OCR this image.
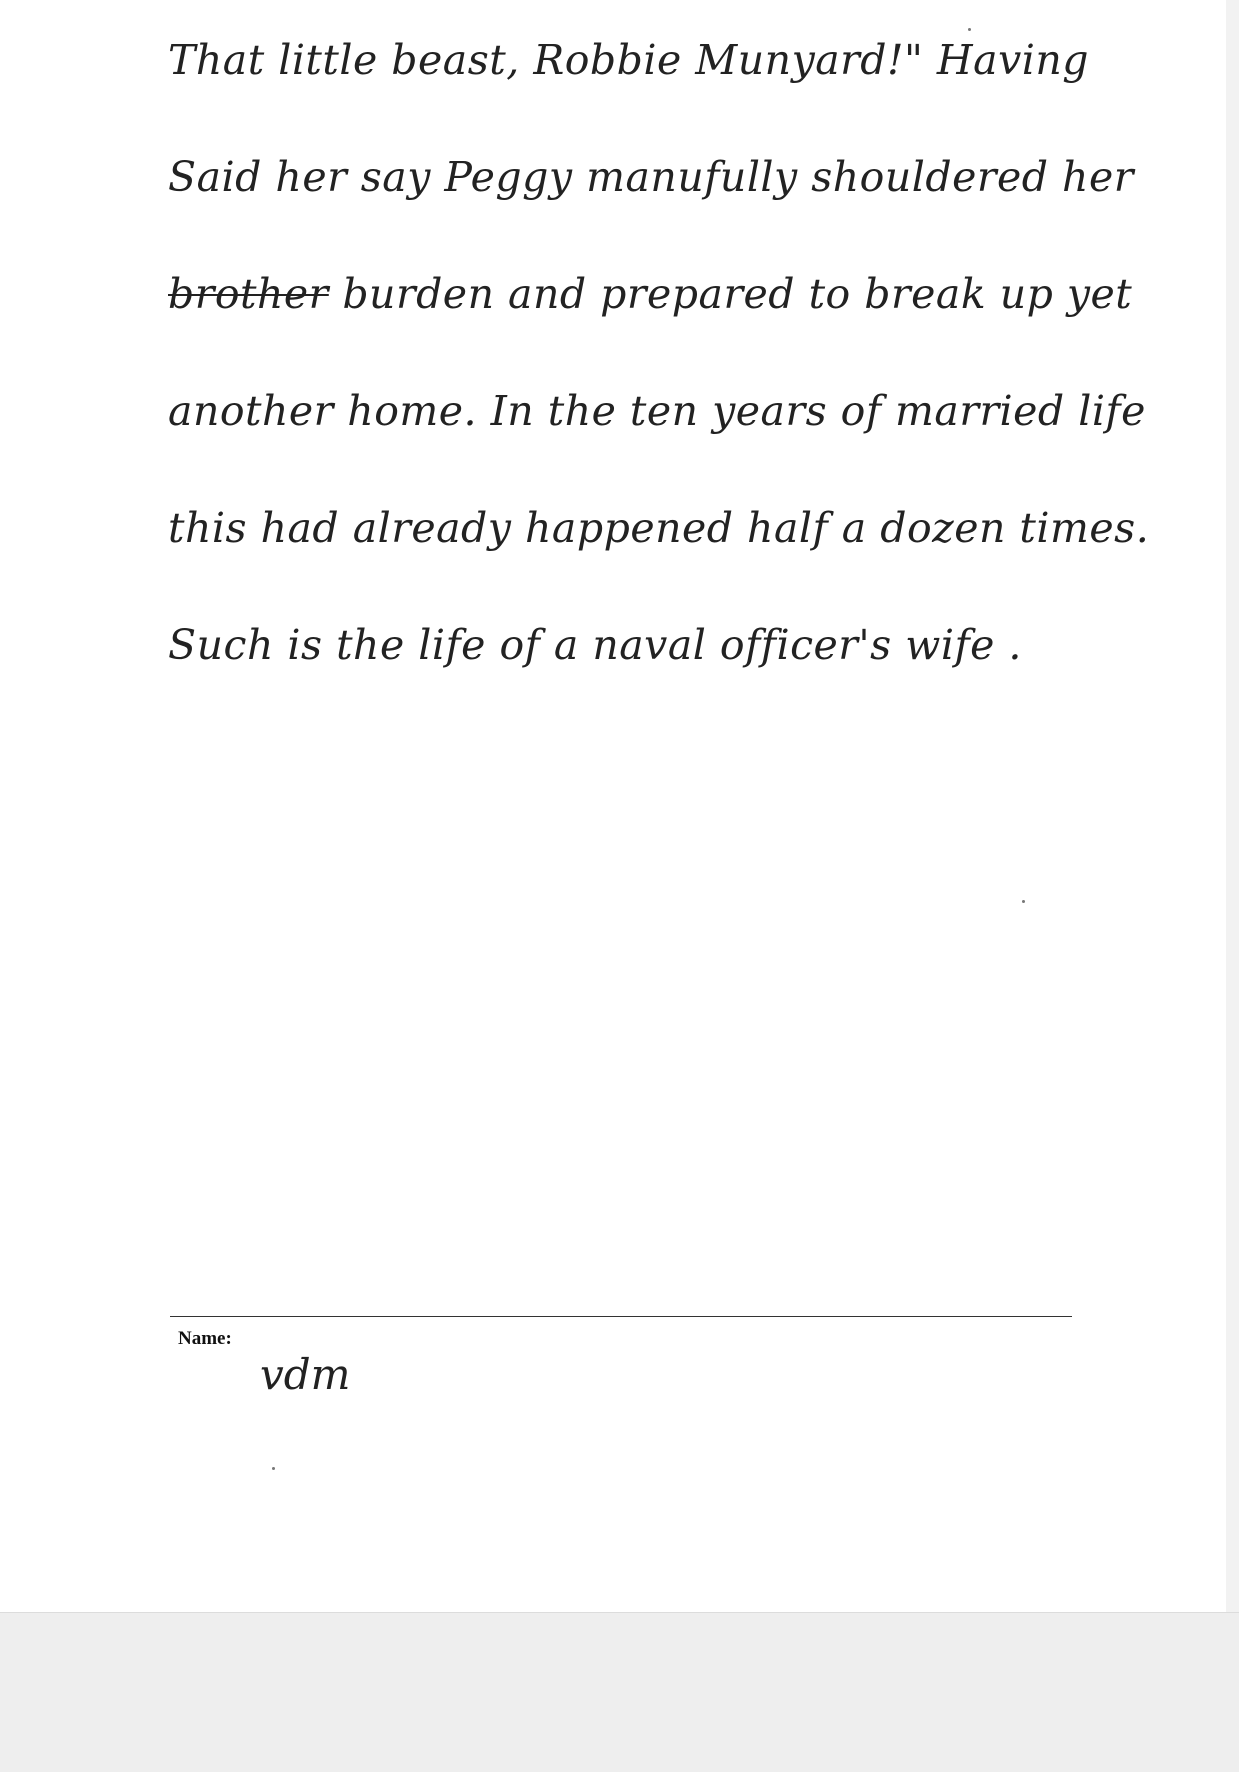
That little beast, Robbie Munyard!" Having
Said her say Peggy manufully shouldered her
brother burden and prepared to break up yet
another home. In the ten years of married life
this had already happened half a dozen times.
Such is the life of a naval officer's wife .
Name:
vdm
